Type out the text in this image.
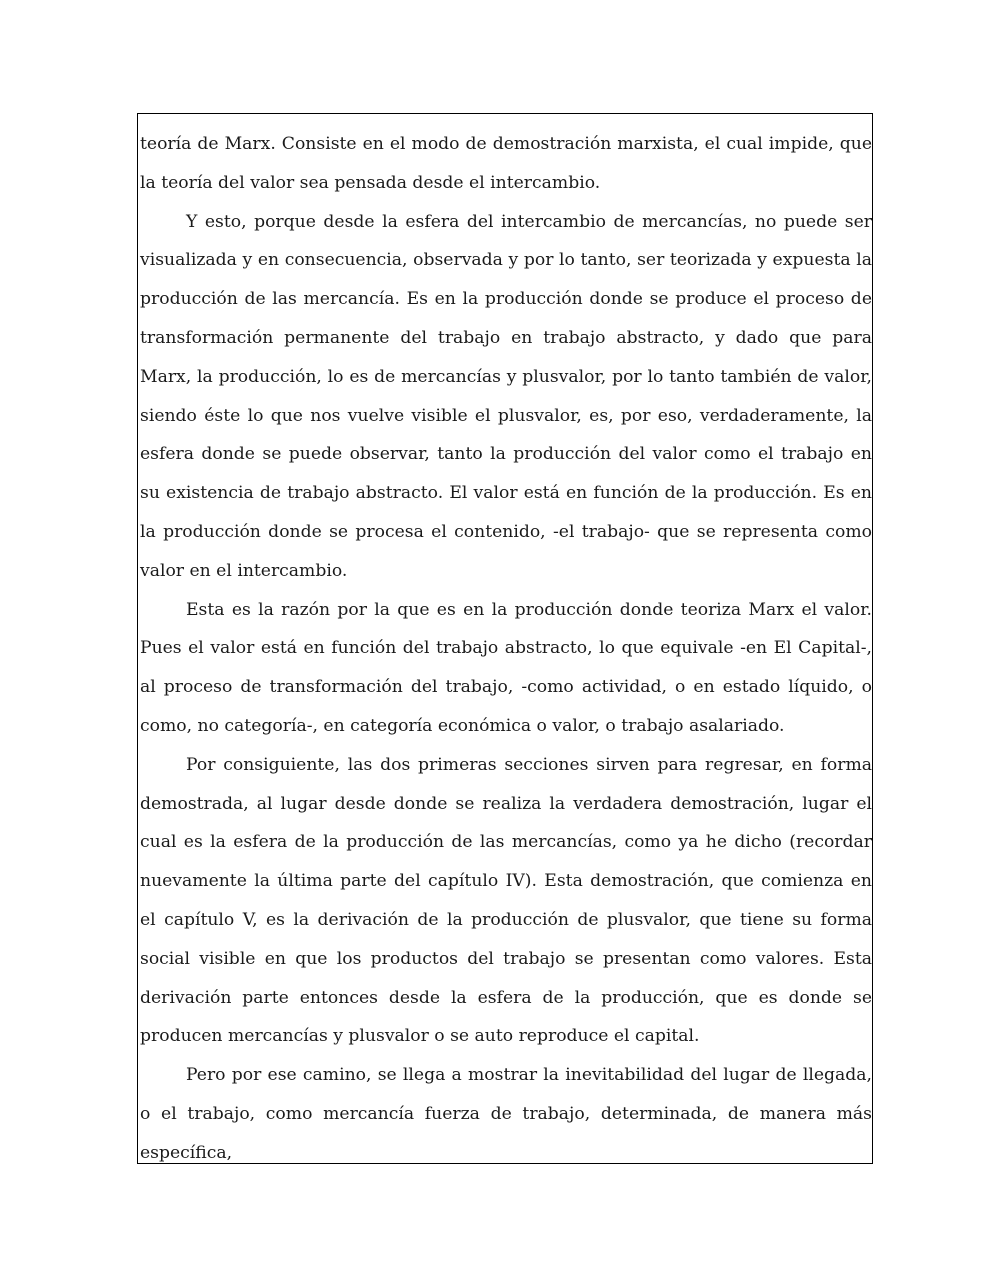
teoría de Marx. Consiste en el modo de demostración marxista, el cual impide, que la teoría del valor sea pensada desde el intercambio.

Y esto, porque desde la esfera del intercambio de mercancías, no puede ser visualizada y en consecuencia, observada y por lo tanto, ser teorizada y expuesta la producción de las mercancía. Es en la producción donde se produce el proceso de transformación permanente del trabajo en trabajo abstracto, y dado que para Marx, la producción, lo es de mercancías y plusvalor, por lo tanto también de valor, siendo éste lo que nos vuelve visible el plusvalor, es, por eso, verdaderamente, la esfera donde se puede observar, tanto la producción del valor como el trabajo en su existencia de trabajo abstracto. El valor está en función de la producción. Es en la producción donde se procesa el contenido, -el trabajo- que se representa como valor en el intercambio.

Esta es la razón por la que es en la producción donde teoriza Marx el valor. Pues el valor está en función del trabajo abstracto, lo que equivale -en El Capital-, al proceso de transformación del trabajo, -como actividad, o en estado líquido, o como, no categoría-, en categoría económica o valor, o trabajo asalariado.

Por consiguiente, las dos primeras secciones sirven para regresar, en forma demostrada, al lugar desde donde se realiza la verdadera demostración, lugar el cual es la esfera de la producción de las mercancías, como ya he dicho (recordar nuevamente la última parte del capítulo IV). Esta demostración, que comienza en el capítulo V, es la derivación de la producción de plusvalor, que tiene su forma social visible en que los productos del trabajo se presentan como valores. Esta derivación parte entonces desde la esfera de la producción, que es donde se producen mercancías y plusvalor o se auto reproduce el capital.

Pero por ese camino, se llega a mostrar la inevitabilidad del lugar de llegada, o el trabajo, como mercancía fuerza de trabajo, determinada, de manera más específica,
